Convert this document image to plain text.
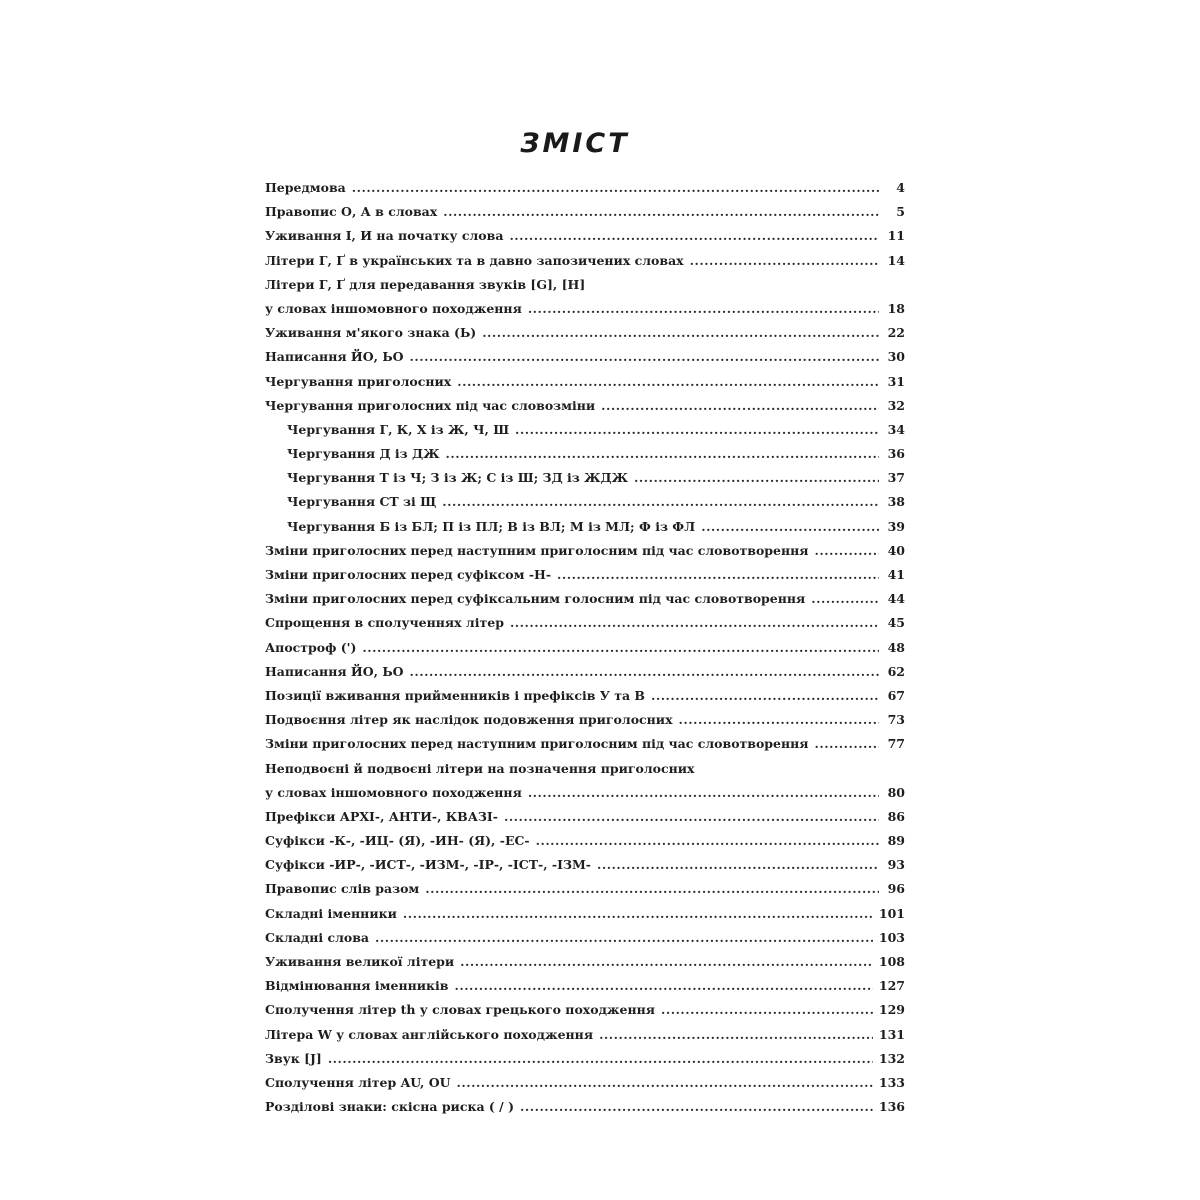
ЗМІСТ
Передмова .....	4
Правопис О, А в словах .....	5
Уживання І, И на початку слова .....	11
Літери Г, Ґ в українських та в давно запозичених словах .....	14
Літери Г, Ґ для передавання звуків [G], [H]
у словах іншомовного походження .....	18
Уживання м'якого знака (Ь) .....	22
Написання ЙО, ЬО .....	30
Чергування приголосних .....	31
Чергування приголосних під час словозміни .....	32
Чергування Г, К, Х із Ж, Ч, Ш .....	34
Чергування Д із ДЖ .....	36
Чергування Т із Ч; З із Ж; С із Ш; ЗД із ЖДЖ .....	37
Чергування СТ зі Щ .....	38
Чергування Б із БЛ; П із ПЛ; В із ВЛ; М із МЛ; Ф із ФЛ .....	39
Зміни приголосних перед наступним приголосним під час словотворення .....	40
Зміни приголосних перед суфіксом -Н- .....	41
Зміни приголосних перед суфіксальним голосним під час словотворення .....	44
Спрощення в сполученнях літер .....	45
Апостроф (') .....	48
Написання ЙО, ЬО .....	62
Позиції вживання прийменників і префіксів У та В .....	67
Подвоєння літер як наслідок подовження приголосних .....	73
Зміни приголосних перед наступним приголосним під час словотворення .....	77
Неподвоєні й подвоєні літери на позначення приголосних
у словах іншомовного походження .....	80
Префікси АРХІ-, АНТИ-, КВАЗІ- .....	86
Суфікси -К-, -ИЦ- (Я), -ИН- (Я), -ЕС- .....	89
Суфікси -ИР-, -ИСТ-, -ИЗМ-, -ІР-, -ІСТ-, -ІЗМ- .....	93
Правопис слів разом .....	96
Складні іменники .....	101
Складні слова .....	103
Уживання великої літери .....	108
Відмінювання іменників .....	127
Сполучення літер th у словах грецького походження .....	129
Літера W у словах англійського походження .....	131
Звук [J] .....	132
Сполучення літер AU, OU .....	133
Розділові знаки: скісна риска ( / ) .....	136
